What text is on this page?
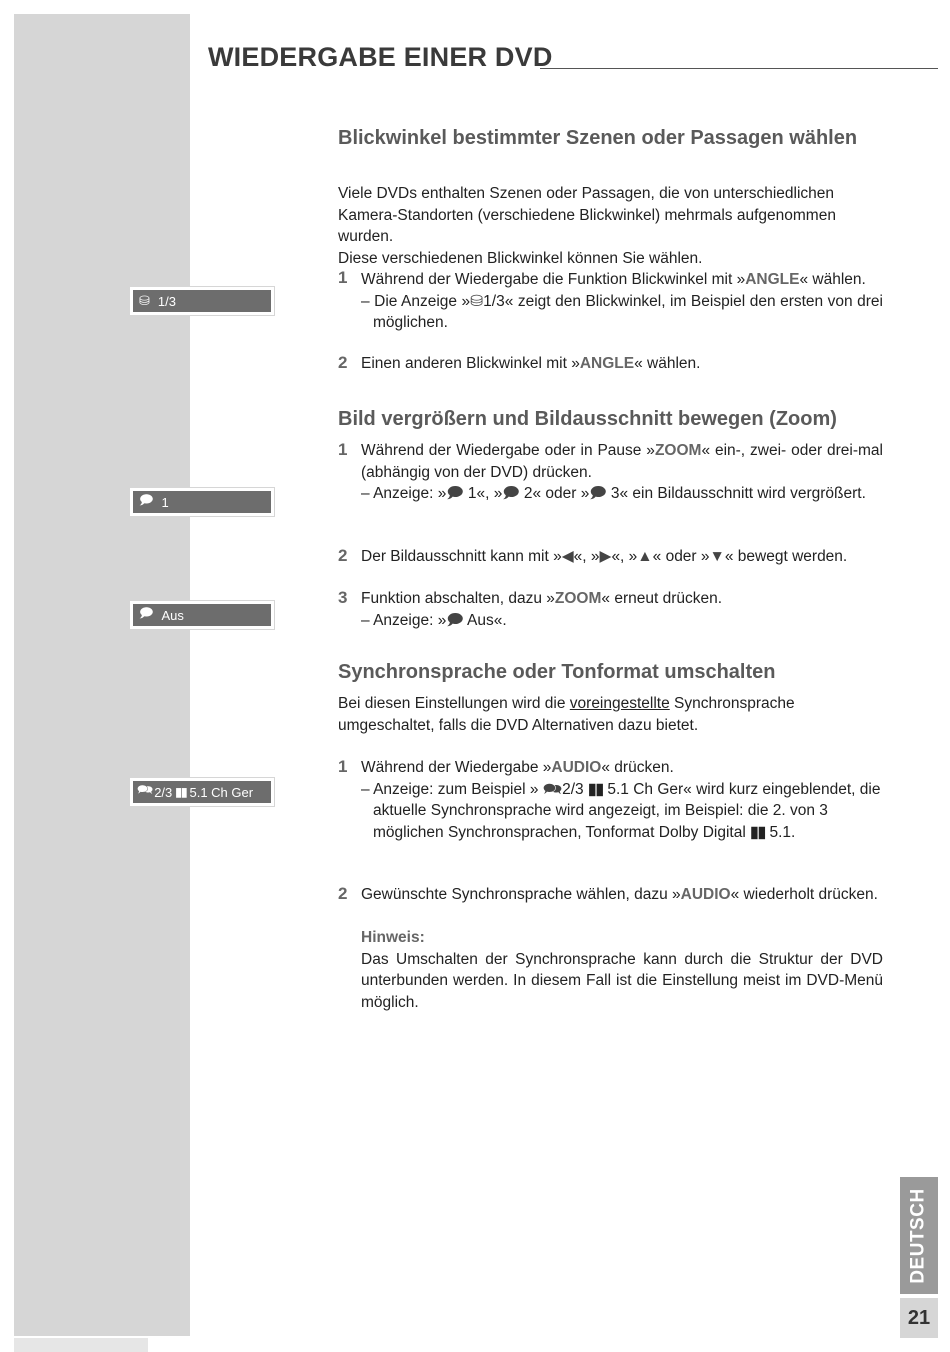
WIEDERGABE EINER DVD
⛁ 1/3
🗩 1
🗩 Aus
🗪 2/3 ▮▮ 5.1 Ch Ger
Blickwinkel bestimmter Szenen oder Passagen wählen
Viele DVDs enthalten Szenen oder Passagen, die von unterschiedlichen Kamera-Standorten (verschiedene Blickwinkel) mehrmals aufgenommen wurden.
Diese verschiedenen Blickwinkel können Sie wählen.
1 Während der Wiedergabe die Funktion Blickwinkel mit »ANGLE« wählen.
– Die Anzeige »⛁1/3« zeigt den Blickwinkel, im Beispiel den ersten von drei möglichen.
2 Einen anderen Blickwinkel mit »ANGLE« wählen.
Bild vergrößern und Bildausschnitt bewegen (Zoom)
1 Während der Wiedergabe oder in Pause »ZOOM« ein-, zwei- oder drei-mal (abhängig von der DVD) drücken.
– Anzeige: »🗩 1«, »🗩 2« oder »🗩 3« ein Bildausschnitt wird vergrößert.
2 Der Bildausschnitt kann mit »◀«, »▶«, »▲« oder »▼« bewegt werden.
3 Funktion abschalten, dazu »ZOOM« erneut drücken.
– Anzeige: »🗩 Aus«.
Synchronsprache oder Tonformat umschalten
Bei diesen Einstellungen wird die voreingestellte Synchronsprache umgeschaltet, falls die DVD Alternativen dazu bietet.
1 Während der Wiedergabe »AUDIO« drücken.
– Anzeige: zum Beispiel » 🗪2/3 ▮▮ 5.1 Ch Ger« wird kurz eingeblendet, die aktuelle Synchronsprache wird angezeigt, im Beispiel: die 2. von 3 möglichen Synchronsprachen, Tonformat Dolby Digital ▮▮ 5.1.
2 Gewünschte Synchronsprache wählen, dazu »AUDIO« wiederholt drücken.
Hinweis:
Das Umschalten der Synchronsprache kann durch die Struktur der DVD unterbunden werden. In diesem Fall ist die Einstellung meist im DVD-Menü möglich.
DEUTSCH
21
